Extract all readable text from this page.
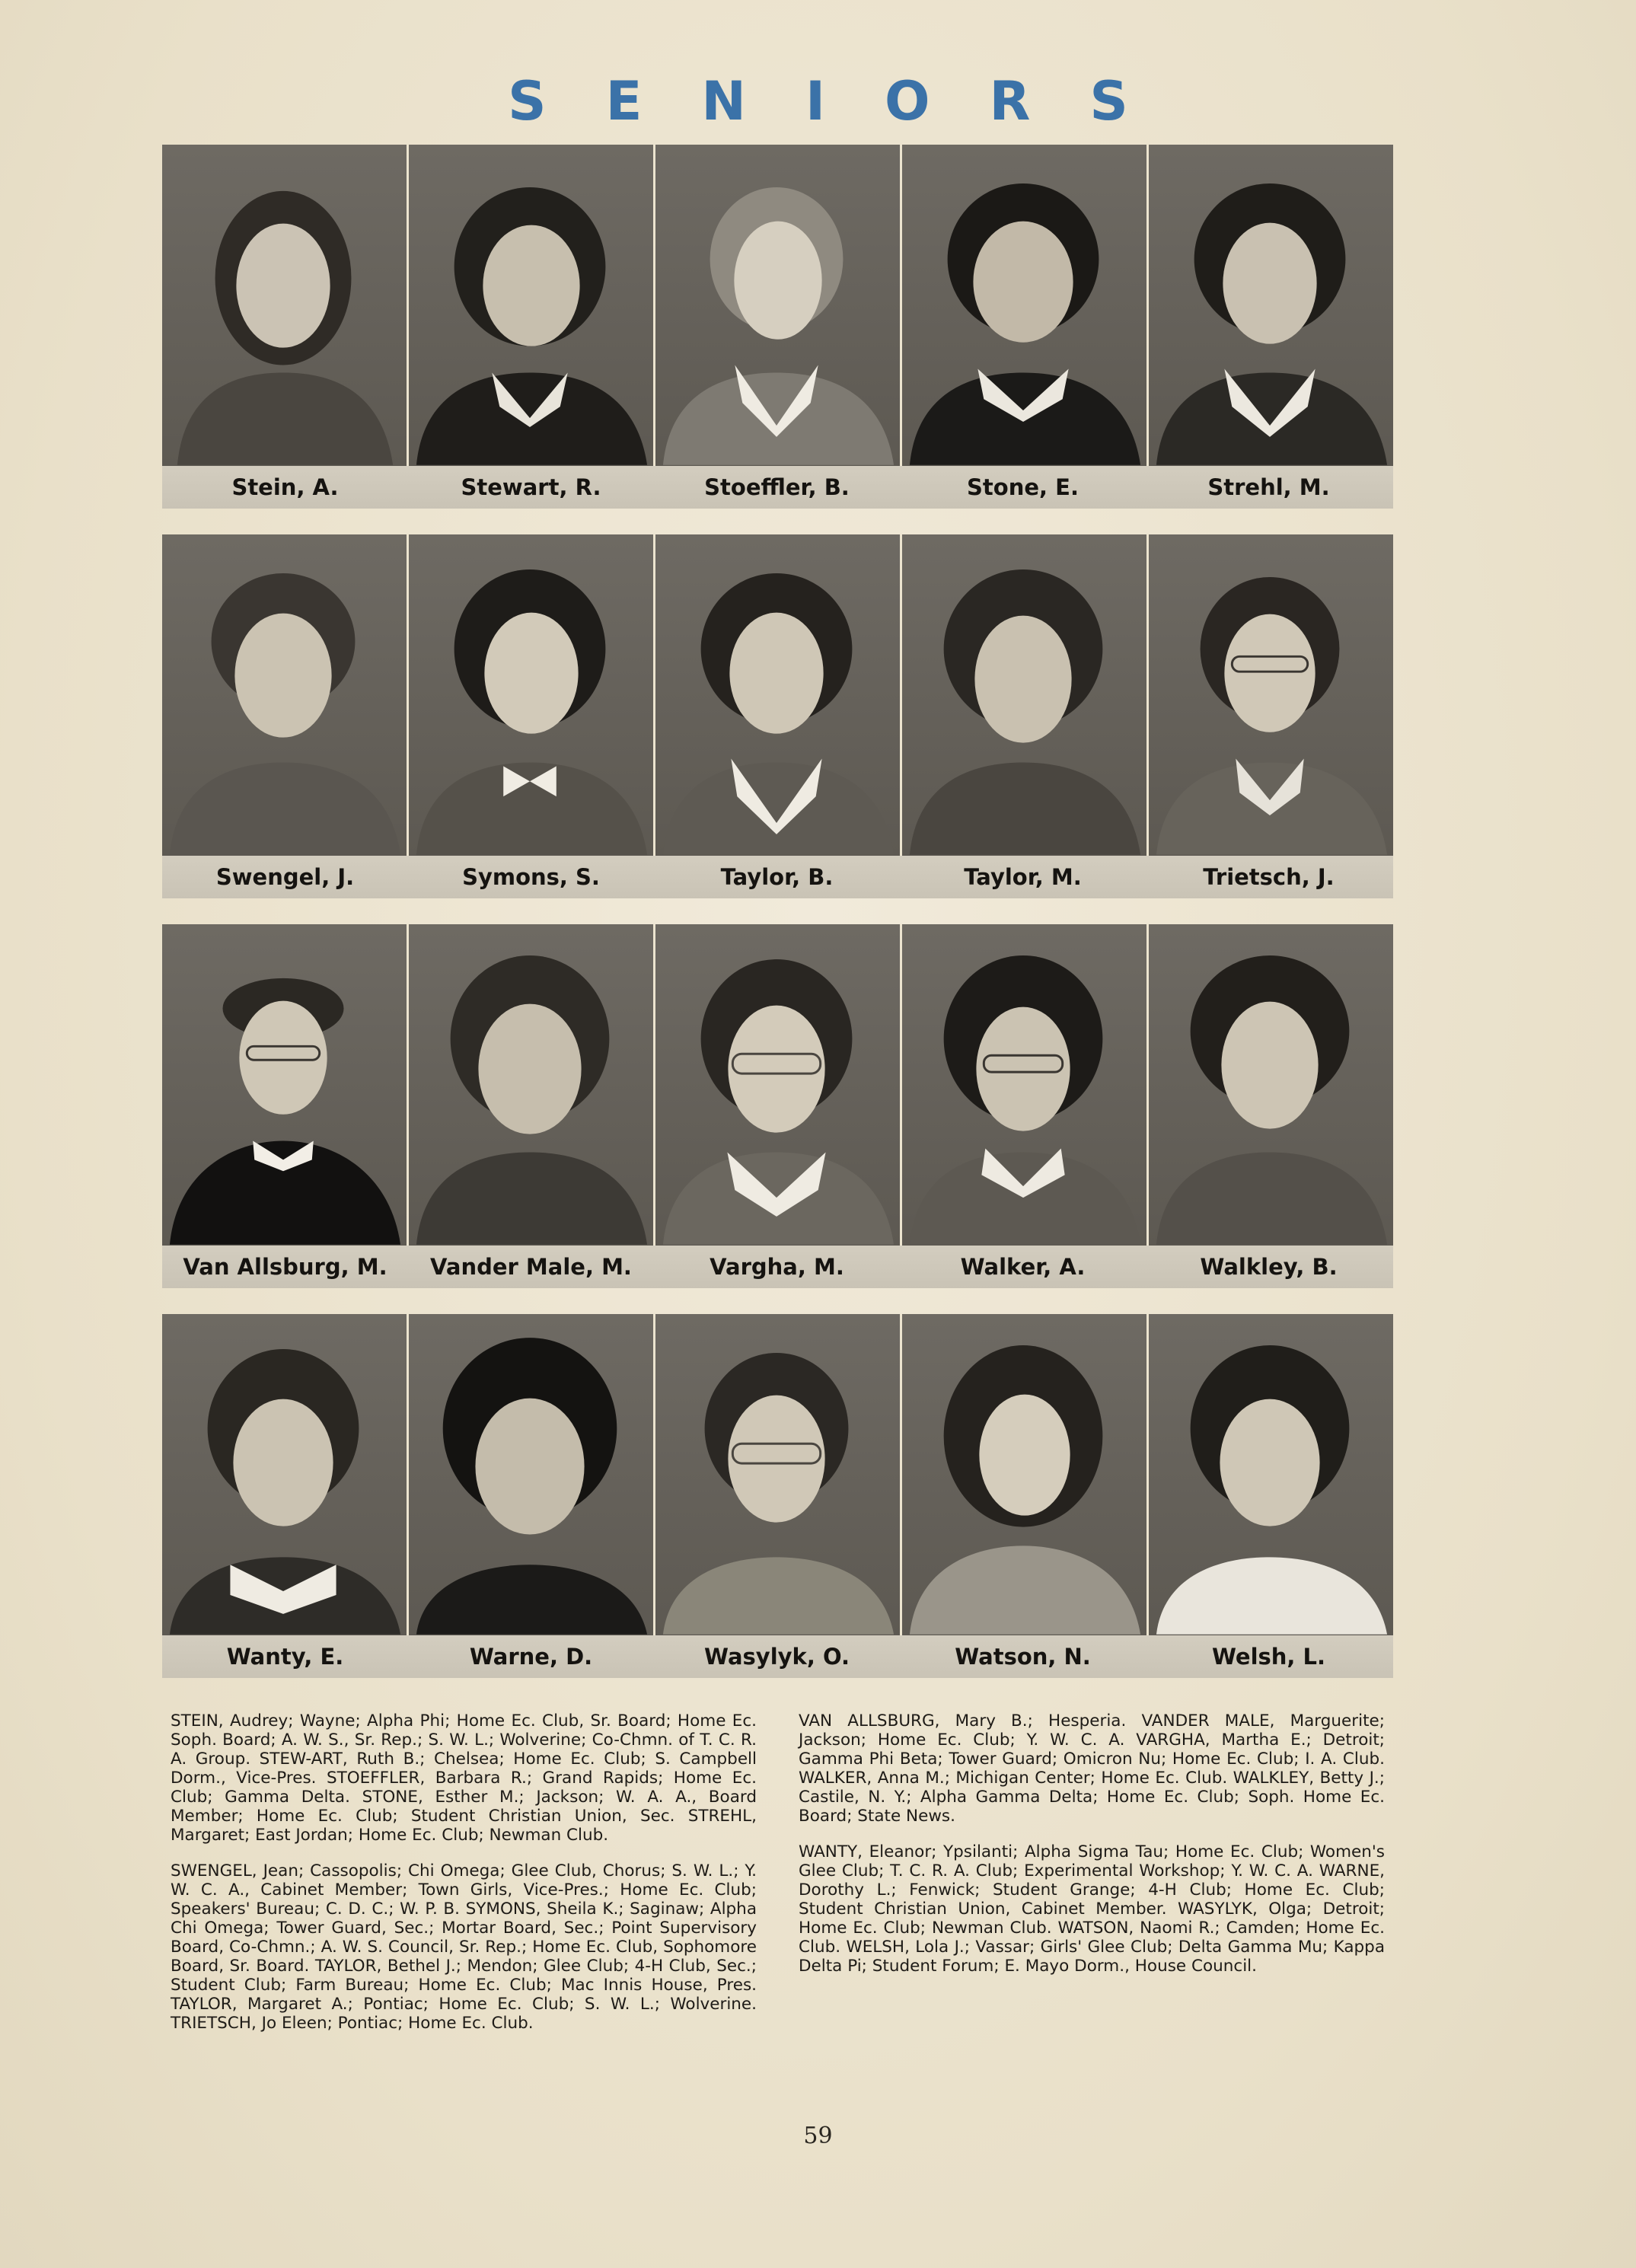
SENIORS
Stein, A.	Stewart, R.	Stoeffler, B.	Stone, E.	Strehl, M.
Swengel, J.	Symons, S.	Taylor, B.	Taylor, M.	Trietsch, J.
Van Allsburg, M.	Vander Male, M.	Vargha, M.	Walker, A.	Walkley, B.
Wanty, E.	Warne, D.	Wasylyk, O.	Watson, N.	Welsh, L.

STEIN, Audrey; Wayne; Alpha Phi; Home Ec. Club, Sr. Board; Home Ec. Soph. Board; A. W. S., Sr. Rep.; S. W. L.; Wolverine; Co-Chmn. of T. C. R. A. Group. STEW-ART, Ruth B.; Chelsea; Home Ec. Club; S. Campbell Dorm., Vice-Pres. STOEFFLER, Barbara R.; Grand Rapids; Home Ec. Club; Gamma Delta. STONE, Esther M.; Jackson; W. A. A., Board Member; Home Ec. Club; Student Christian Union, Sec. STREHL, Margaret; East Jordan; Home Ec. Club; Newman Club.

SWENGEL, Jean; Cassopolis; Chi Omega; Glee Club, Chorus; S. W. L.; Y. W. C. A., Cabinet Member; Town Girls, Vice-Pres.; Home Ec. Club; Speakers' Bureau; C. D. C.; W. P. B. SYMONS, Sheila K.; Saginaw; Alpha Chi Omega; Tower Guard, Sec.; Mortar Board, Sec.; Point Supervisory Board, Co-Chmn.; A. W. S. Council, Sr. Rep.; Home Ec. Club, Sophomore Board, Sr. Board. TAYLOR, Bethel J.; Mendon; Glee Club; 4-H Club, Sec.; Student Club; Farm Bureau; Home Ec. Club; Mac Innis House, Pres. TAYLOR, Margaret A.; Pontiac; Home Ec. Club; S. W. L.; Wolverine. TRIETSCH, Jo Eleen; Pontiac; Home Ec. Club.

VAN ALLSBURG, Mary B.; Hesperia. VANDER MALE, Marguerite; Jackson; Home Ec. Club; Y. W. C. A. VARGHA, Martha E.; Detroit; Gamma Phi Beta; Tower Guard; Omicron Nu; Home Ec. Club; I. A. Club. WALKER, Anna M.; Michigan Center; Home Ec. Club. WALKLEY, Betty J.; Castile, N. Y.; Alpha Gamma Delta; Home Ec. Club; Soph. Home Ec. Board; State News.

WANTY, Eleanor; Ypsilanti; Alpha Sigma Tau; Home Ec. Club; Women's Glee Club; T. C. R. A. Club; Experimental Workshop; Y. W. C. A. WARNE, Dorothy L.; Fenwick; Student Grange; 4-H Club; Home Ec. Club; Student Christian Union, Cabinet Member. WASYLYK, Olga; Detroit; Home Ec. Club; Newman Club. WATSON, Naomi R.; Camden; Home Ec. Club. WELSH, Lola J.; Vassar; Girls' Glee Club; Delta Gamma Mu; Kappa Delta Pi; Student Forum; E. Mayo Dorm., House Council.

59
